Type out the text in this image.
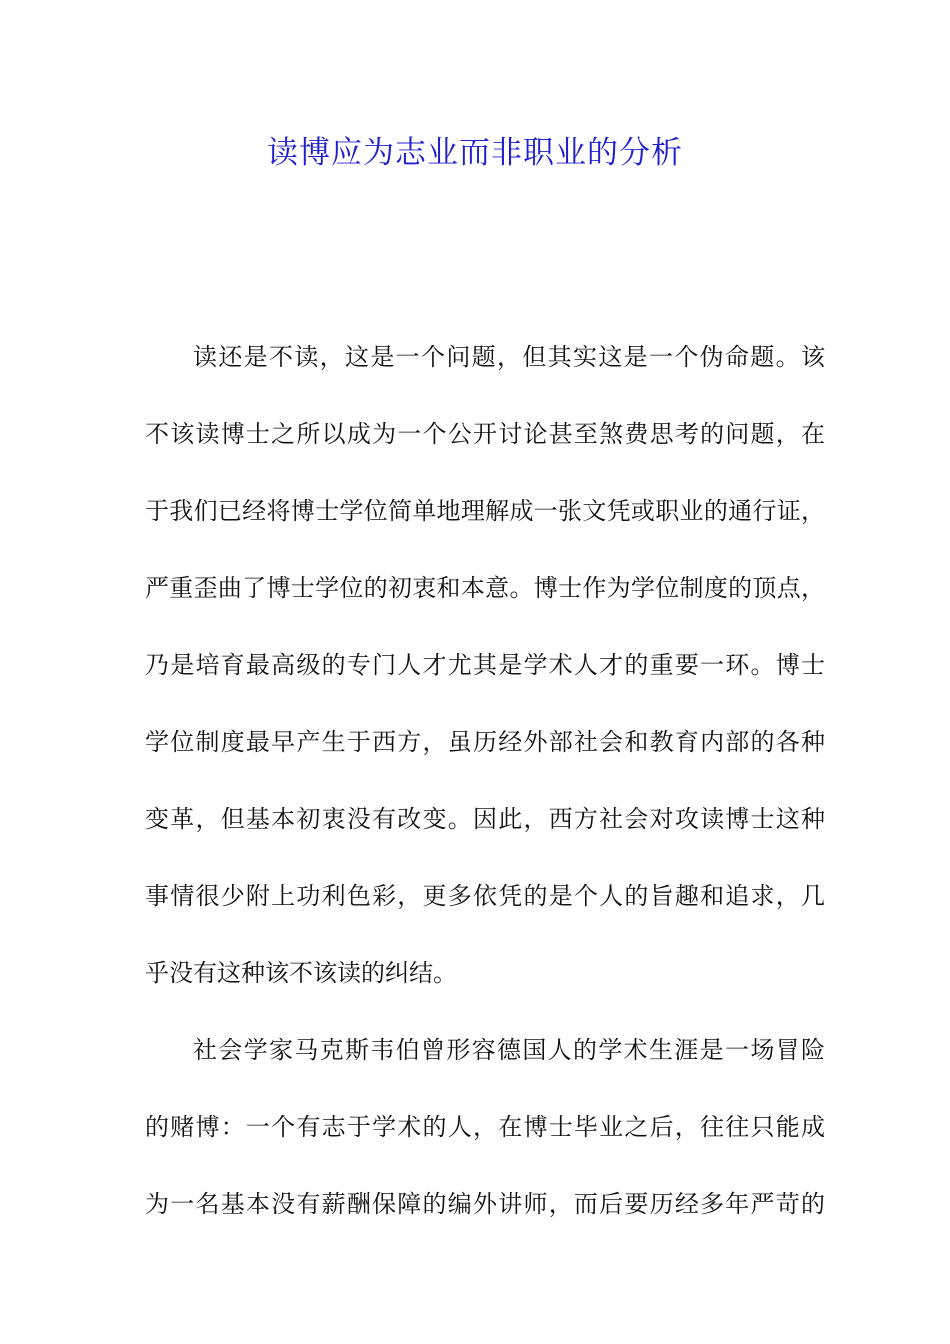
读博应为志业而非职业的分析
读还是不读，这是一个问题，但其实这是一个伪命题。该
不该读博士之所以成为一个公开讨论甚至煞费思考的问题，在
于我们已经将博士学位简单地理解成一张文凭或职业的通行证，
严重歪曲了博士学位的初衷和本意。博士作为学位制度的顶点，
乃是培育最高级的专门人才尤其是学术人才的重要一环。博士
学位制度最早产生于西方，虽历经外部社会和教育内部的各种
变革，但基本初衷没有改变。因此，西方社会对攻读博士这种
事情很少附上功利色彩，更多依凭的是个人的旨趣和追求，几
乎没有这种该不该读的纠结。
社会学家马克斯韦伯曾形容德国人的学术生涯是一场冒险
的赌博：一个有志于学术的人，在博士毕业之后，往往只能成
为一名基本没有薪酬保障的编外讲师，而后要历经多年严苛的
